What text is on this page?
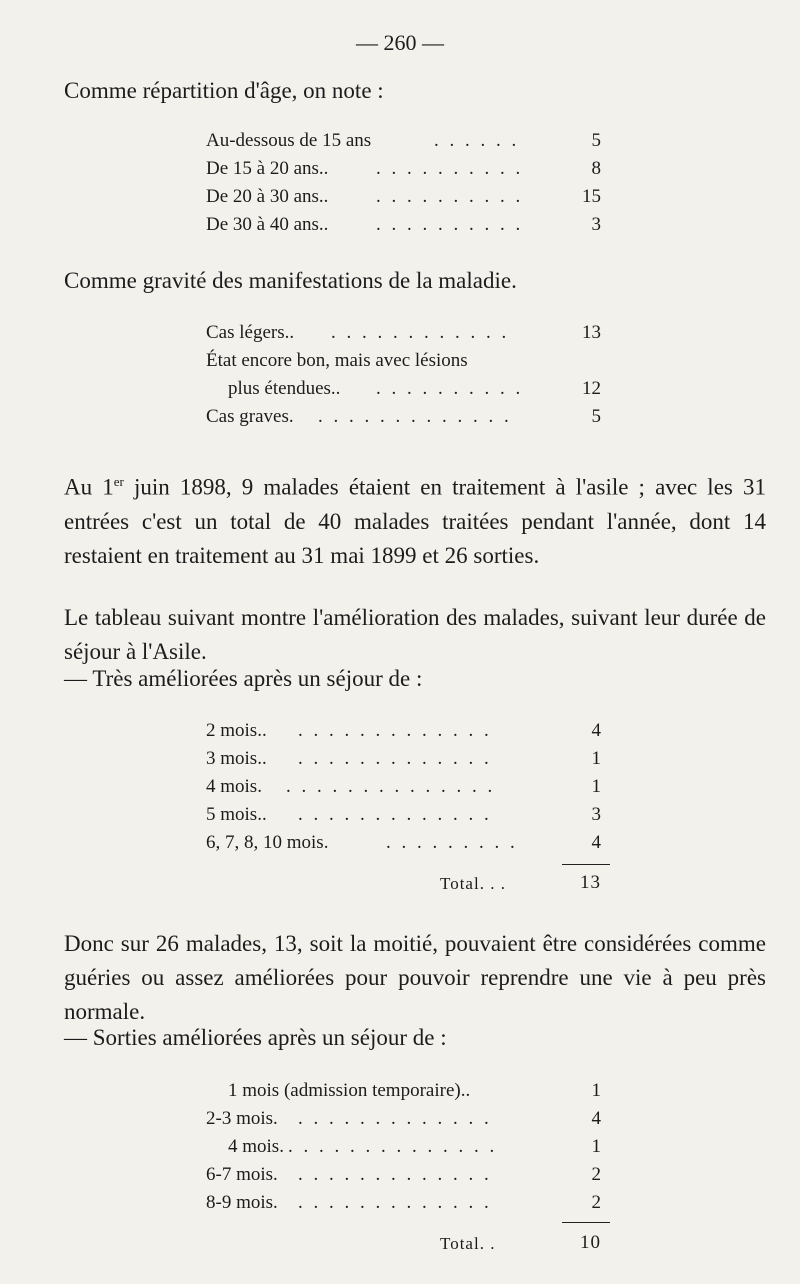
— 260 —
Comme répartition d'âge, on note :
Au-dessous de 15 ans	. . . . . .	5
De 15 à 20 ans..	. . . . . . . . . .	8
De 20 à 30 ans..	. . . . . . . . . .	15
De 30 à 40 ans..	. . . . . . . . . .	3
Comme gravité des manifestations de la maladie.
Cas légers.. . . . . . . . . . . . .	13
État encore bon, mais avec lésions
plus étendues.. . . . . . . . . . .	12
Cas graves. . . . . . . . . . . . . .	5

Au 1er juin 1898, 9 malades étaient en traitement à l'asile ; avec les 31 entrées c'est un total de 40 malades traitées pendant l'année, dont 14 restaient en traitement au 31 mai 1899 et 26 sorties.

Le tableau suivant montre l'amélioration des malades, suivant leur durée de séjour à l'Asile.

— Très améliorées après un séjour de :
2 mois.. . . . . . . . . . . . . .	4
3 mois.. . . . . . . . . . . . . .	1
4 mois. . . . . . . . . . . . . . .	1
5 mois.. . . . . . . . . . . . . .	3
6, 7, 8, 10 mois.	. . . . . . . . .	4
Total. . .	13

Donc sur 26 malades, 13, soit la moitié, pouvaient être considérées comme guéries ou assez améliorées pour pouvoir reprendre une vie à peu près normale.

— Sorties améliorées après un séjour de :
1 mois (admission temporaire)..	1
2-3 mois. . . . . . . . . . . . . .	4
4 mois. . . . . . . . . . . . . . .	1
6-7 mois. . . . . . . . . . . . . .	2
8-9 mois. . . . . . . . . . . . . .	2
Total. .	10
